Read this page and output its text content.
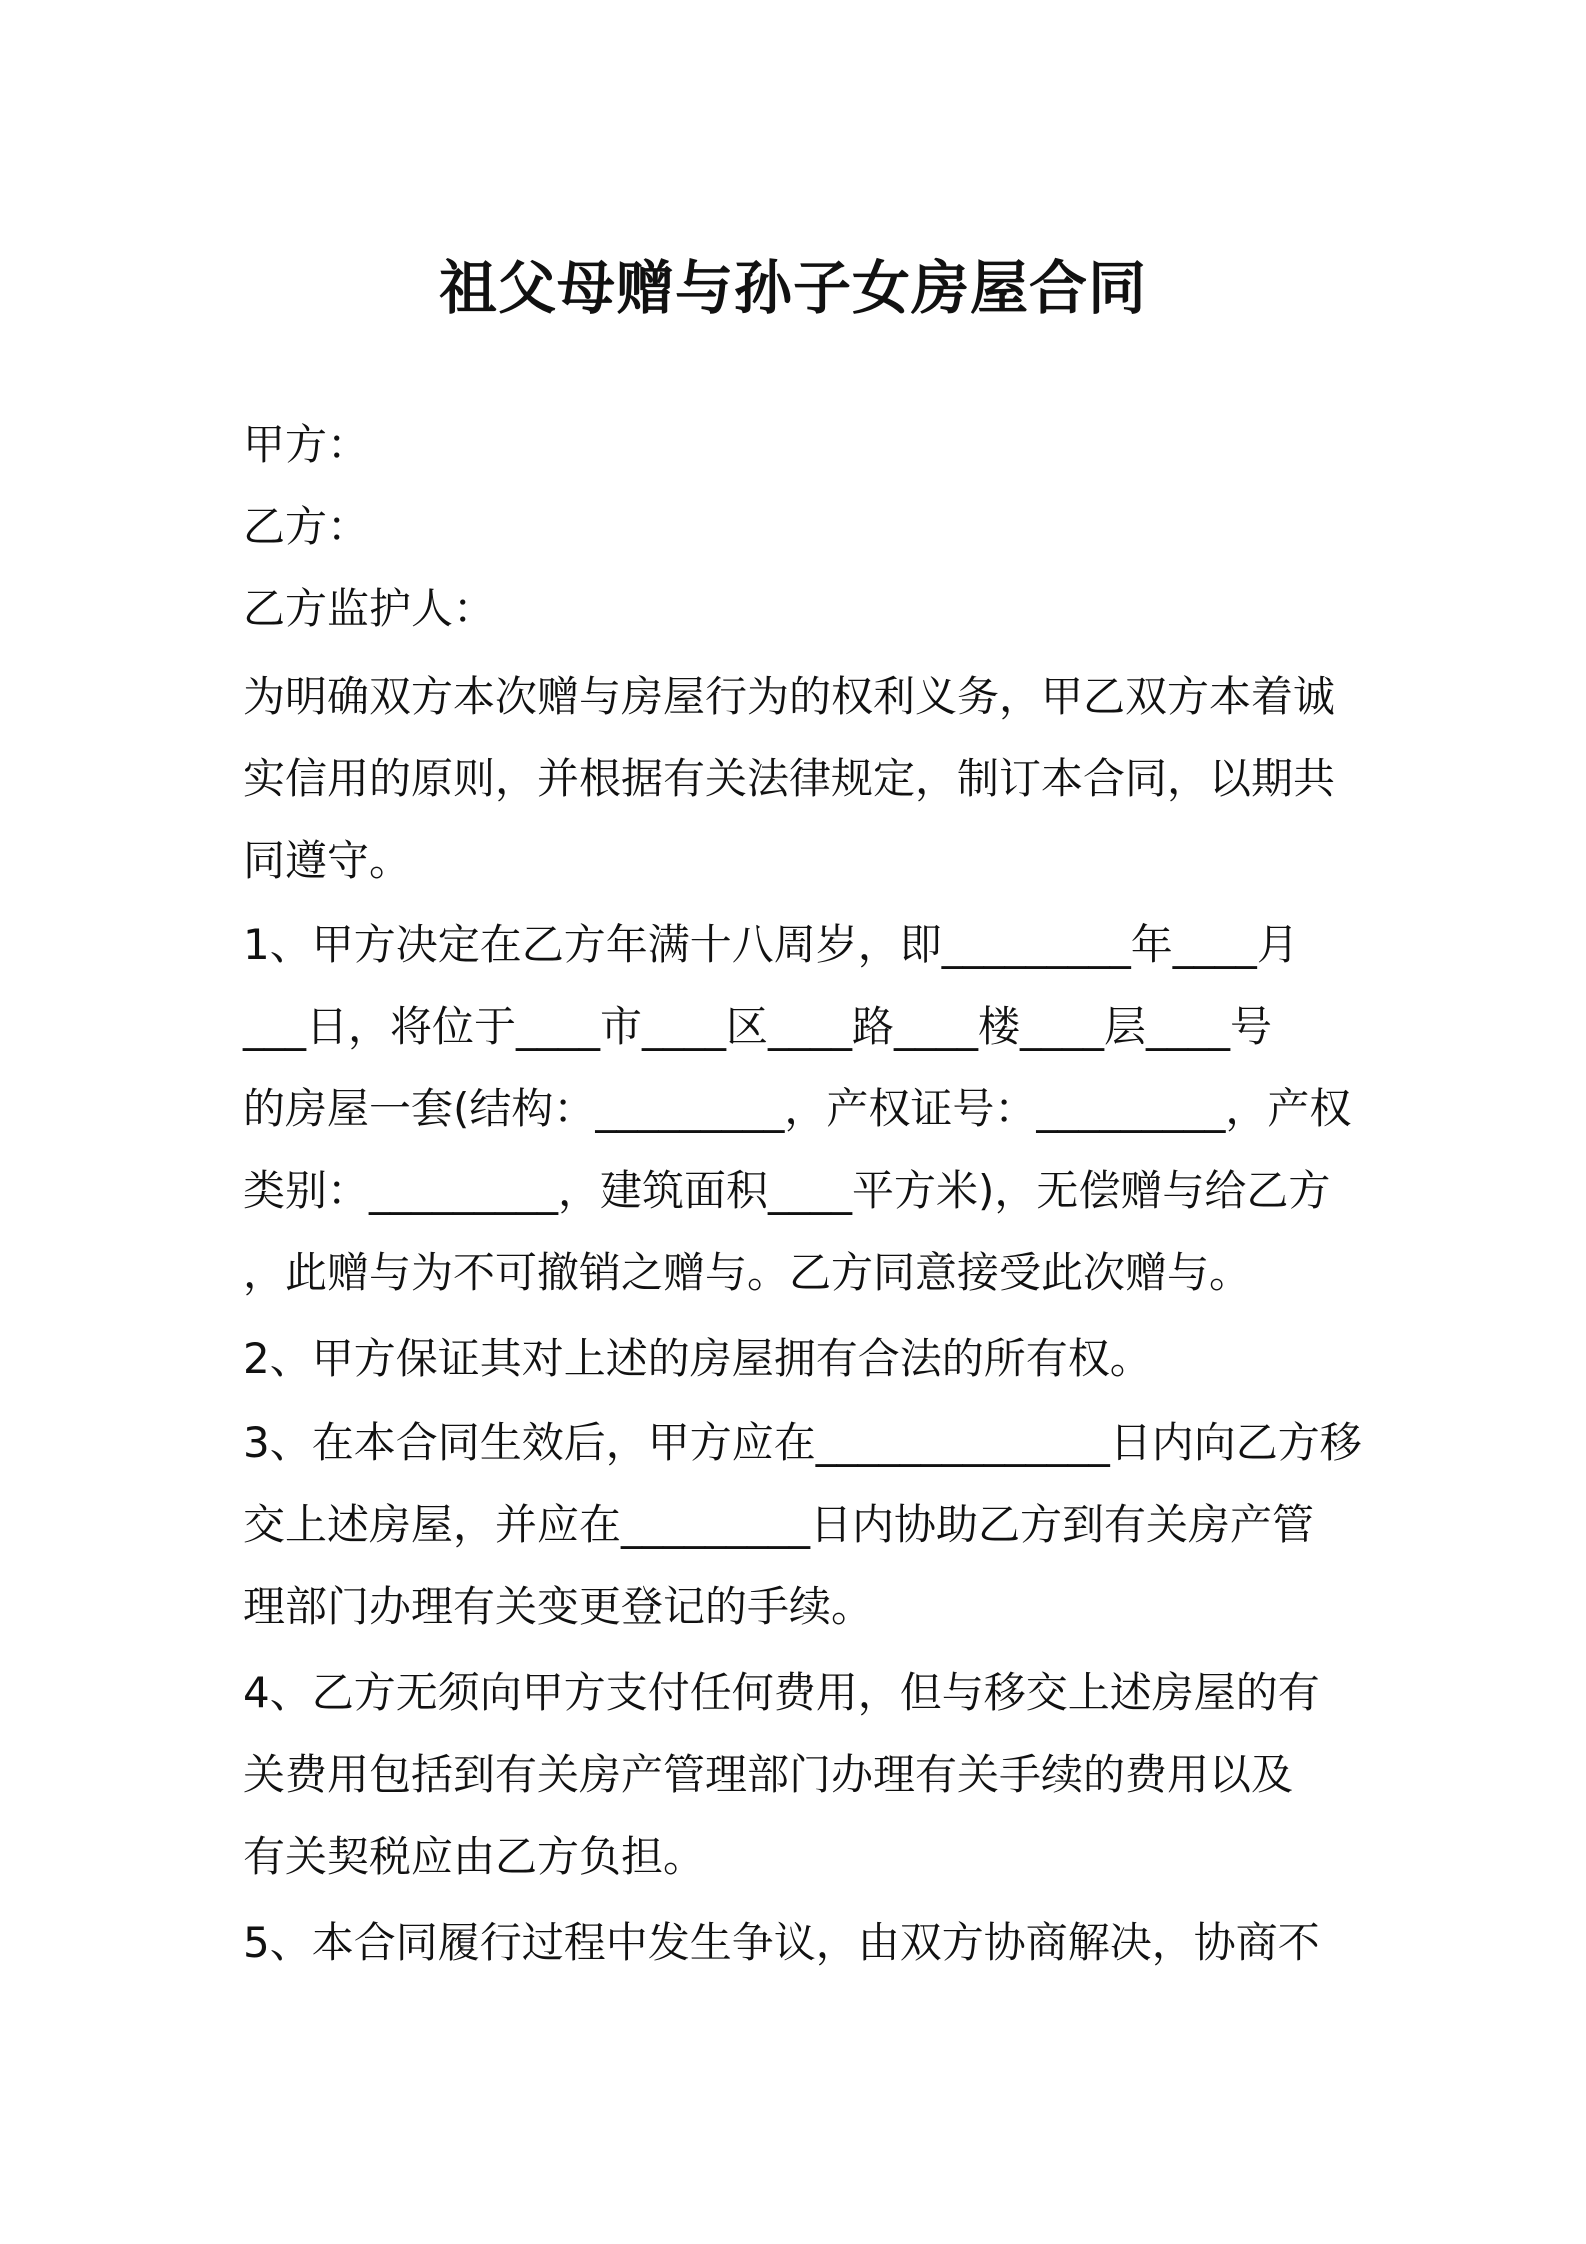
祖父母赠与孙子女房屋合同

甲方：

乙方：

乙方监护人：

为明确双方本次赠与房屋行为的权利义务，甲乙双方本着诚

实信用的原则，并根据有关法律规定，制订本合同，以期共

同遵守。

1、甲方决定在乙方年满十八周岁，即_________年____月

___日，将位于____市____区____路____楼____层____号

的房屋一套(结构：_________，产权证号：_________，产权

类别：_________，建筑面积____平方米)，无偿赠与给乙方

，此赠与为不可撤销之赠与。乙方同意接受此次赠与。

2、甲方保证其对上述的房屋拥有合法的所有权。

3、在本合同生效后，甲方应在______________日内向乙方移

交上述房屋，并应在_________日内协助乙方到有关房产管

理部门办理有关变更登记的手续。

4、乙方无须向甲方支付任何费用，但与移交上述房屋的有

关费用包括到有关房产管理部门办理有关手续的费用以及

有关契税应由乙方负担。

5、本合同履行过程中发生争议，由双方协商解决，协商不
